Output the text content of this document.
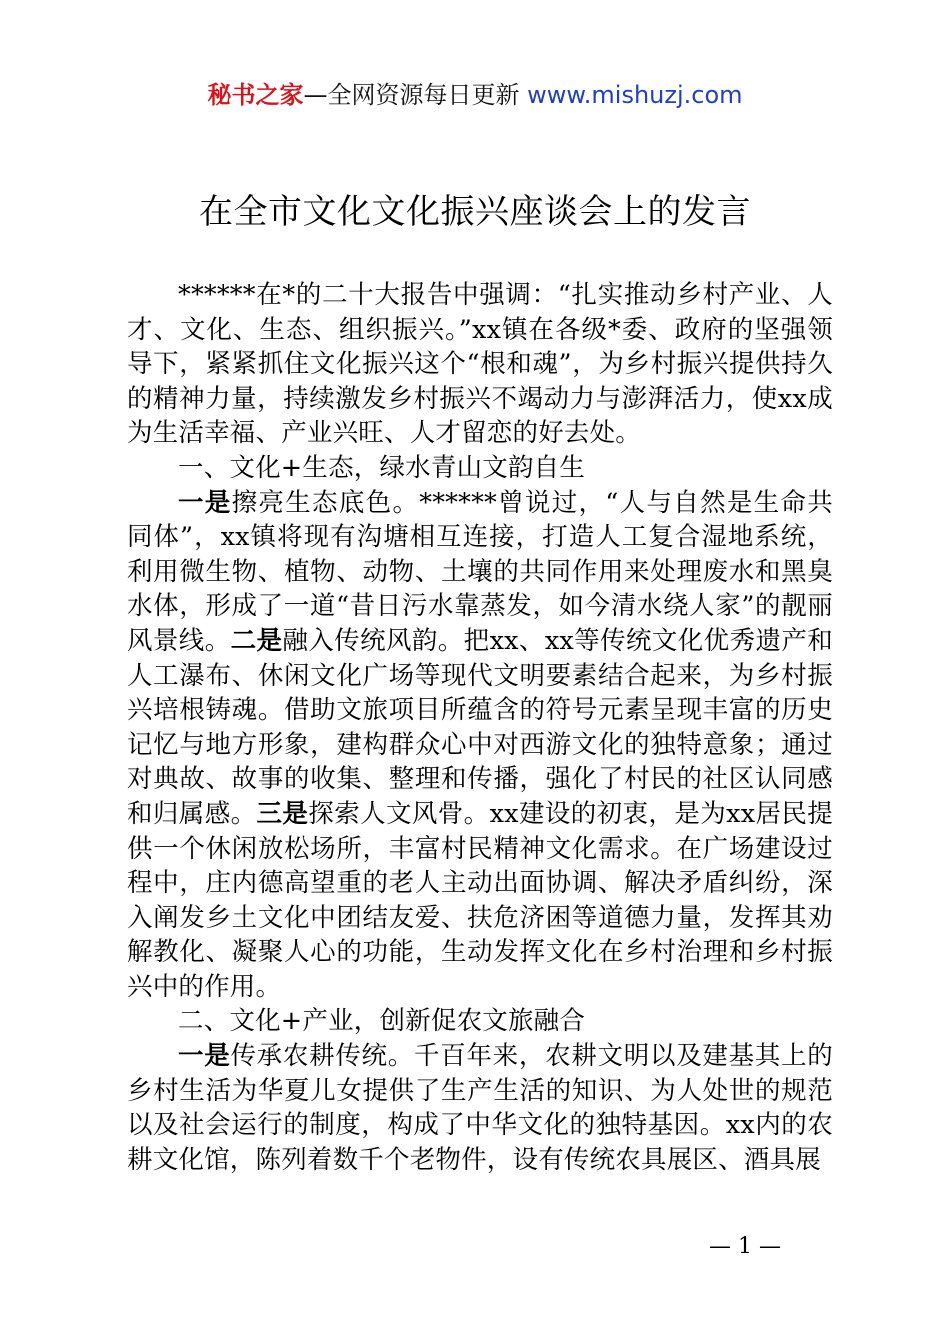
秘书之家—全网资源每日更新 www.mishuzj.com
在全市文化文化振兴座谈会上的发言

******在*的二十大报告中强调：“扎实推动乡村产业、人才、文化、生态、组织振兴。”xx镇在各级*委、政府的坚强领导下，紧紧抓住文化振兴这个“根和魂”，为乡村振兴提供持久的精神力量，持续激发乡村振兴不竭动力与澎湃活力，使xx成为生活幸福、产业兴旺、人才留恋的好去处。

一、文化+生态，绿水青山文韵自生

一是擦亮生态底色。******曾说过，“人与自然是生命共同体”，xx镇将现有沟塘相互连接，打造人工复合湿地系统，利用微生物、植物、动物、土壤的共同作用来处理废水和黑臭水体，形成了一道“昔日污水靠蒸发，如今清水绕人家”的靓丽风景线。二是融入传统风韵。把xx、xx等传统文化优秀遗产和人工瀑布、休闲文化广场等现代文明要素结合起来，为乡村振兴培根铸魂。借助文旅项目所蕴含的符号元素呈现丰富的历史记忆与地方形象，建构群众心中对西游文化的独特意象；通过对典故、故事的收集、整理和传播，强化了村民的社区认同感和归属感。三是探索人文风骨。xx建设的初衷，是为xx居民提供一个休闲放松场所，丰富村民精神文化需求。在广场建设过程中，庄内德高望重的老人主动出面协调、解决矛盾纠纷，深入阐发乡土文化中团结友爱、扶危济困等道德力量，发挥其劝解教化、凝聚人心的功能，生动发挥文化在乡村治理和乡村振兴中的作用。

二、文化+产业，创新促农文旅融合

一是传承农耕传统。千百年来，农耕文明以及建基其上的乡村生活为华夏儿女提供了生产生活的知识、为人处世的规范以及社会运行的制度，构成了中华文化的独特基因。xx内的农耕文化馆，陈列着数千个老物件，设有传统农具展区、酒具展

— 1 —
